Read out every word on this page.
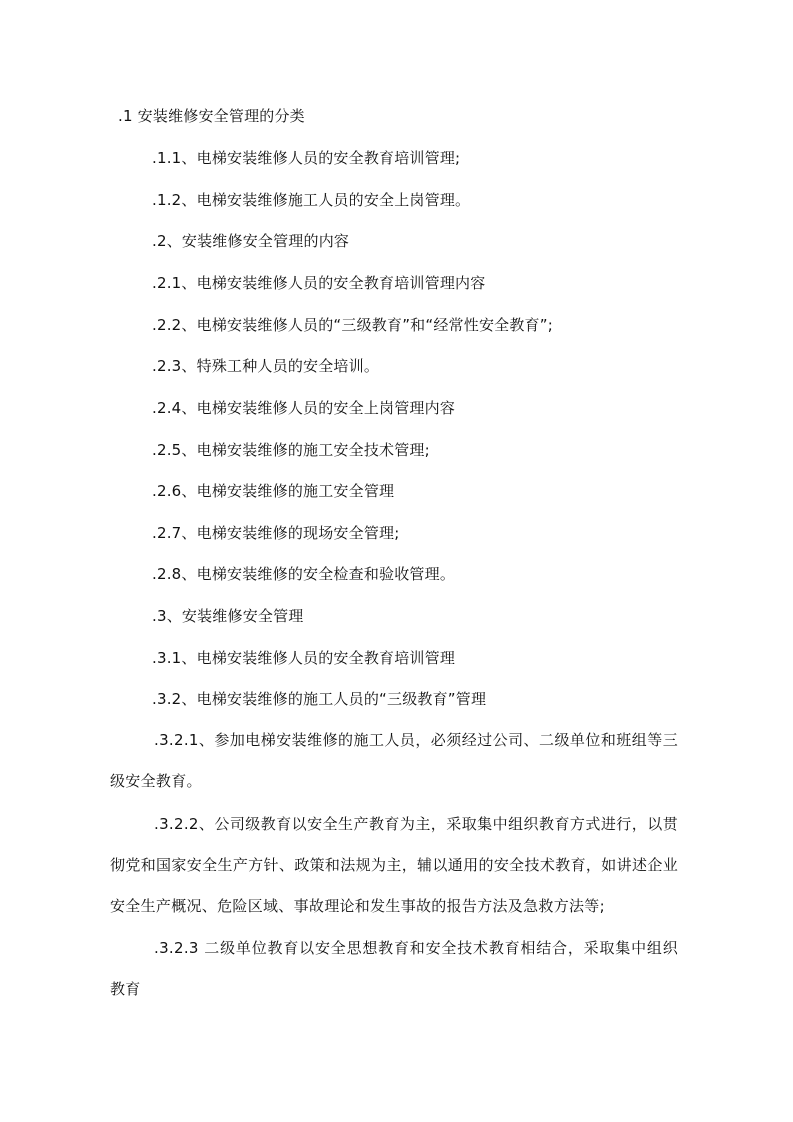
.1 安装维修安全管理的分类
.1.1、电梯安装维修人员的安全教育培训管理;
.1.2、电梯安装维修施工人员的安全上岗管理。
.2、安装维修安全管理的内容
.2.1、电梯安装维修人员的安全教育培训管理内容
.2.2、电梯安装维修人员的“三级教育”和“经常性安全教育”;
.2.3、特殊工种人员的安全培训。
.2.4、电梯安装维修人员的安全上岗管理内容
.2.5、电梯安装维修的施工安全技术管理;
.2.6、电梯安装维修的施工安全管理
.2.7、电梯安装维修的现场安全管理;
.2.8、电梯安装维修的安全检查和验收管理。
.3、安装维修安全管理
.3.1、电梯安装维修人员的安全教育培训管理
.3.2、电梯安装维修的施工人员的“三级教育”管理
.3.2.1、参加电梯安装维修的施工人员，必须经过公司、二级单位和班组等三级安全教育。
.3.2.2、公司级教育以安全生产教育为主，采取集中组织教育方式进行，以贯彻党和国家安全生产方针、政策和法规为主，辅以通用的安全技术教育，如讲述企业安全生产概况、危险区域、事故理论和发生事故的报告方法及急救方法等;
.3.2.3 二级单位教育以安全思想教育和安全技术教育相结合，采取集中组织教育
